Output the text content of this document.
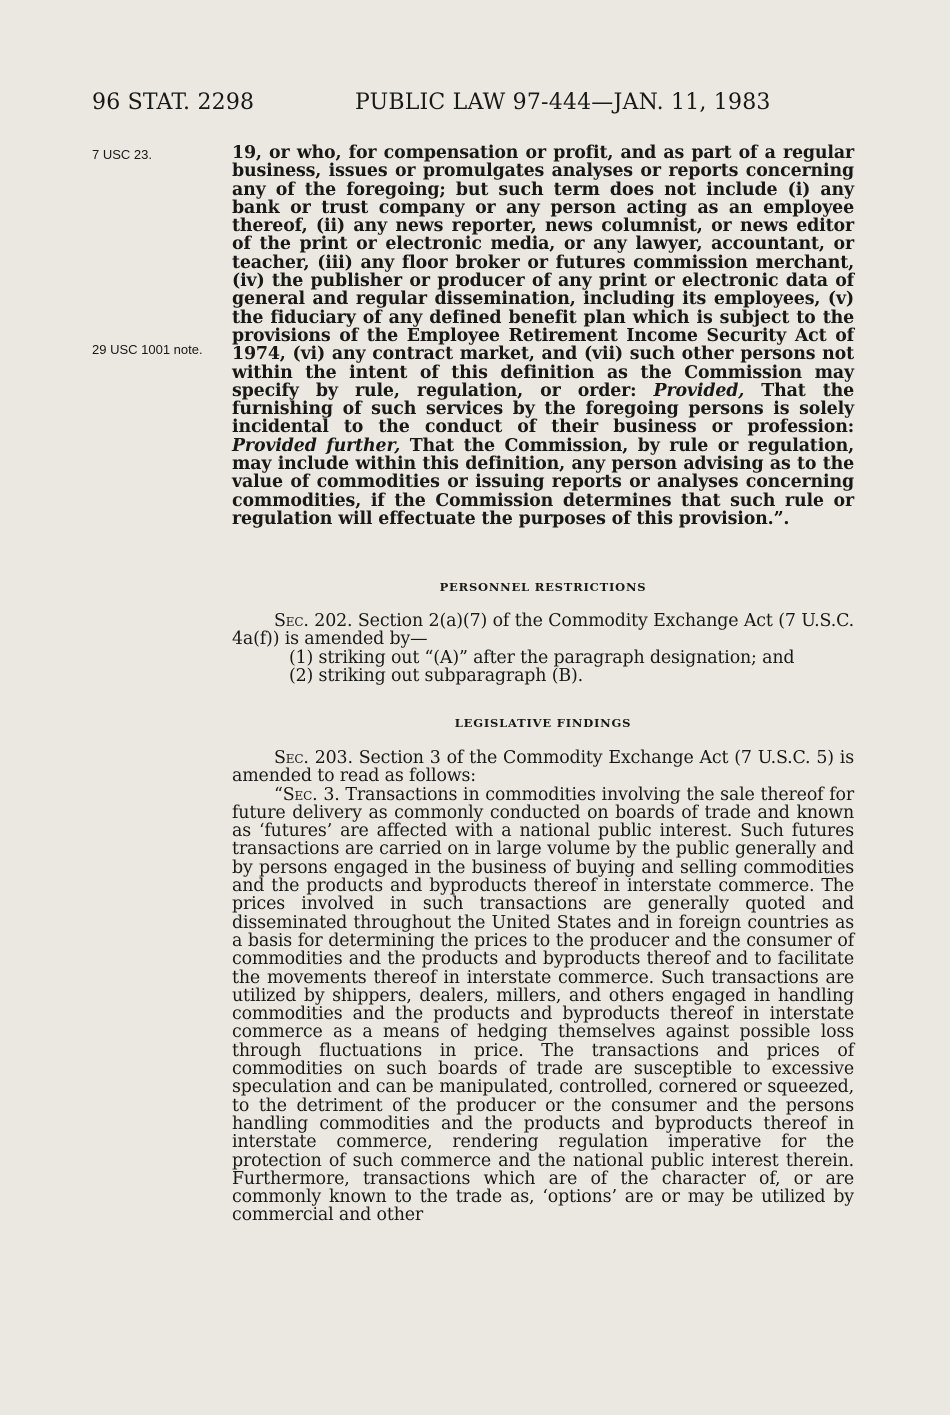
96 STAT. 2298	PUBLIC LAW 97-444—JAN. 11, 1983
7 USC 23.
29 USC 1001 note.

19, or who, for compensation or profit, and as part of a regular business, issues or promulgates analyses or reports concerning any of the foregoing; but such term does not include (i) any bank or trust company or any person acting as an employee thereof, (ii) any news reporter, news columnist, or news editor of the print or electronic media, or any lawyer, accountant, or teacher, (iii) any floor broker or futures commission merchant, (iv) the publisher or producer of any print or electronic data of general and regular dissemination, including its employees, (v) the fiduciary of any defined benefit plan which is subject to the provisions of the Employee Retirement Income Security Act of 1974, (vi) any contract market, and (vii) such other persons not within the intent of this definition as the Commission may specify by rule, regulation, or order: Provided, That the furnishing of such services by the foregoing persons is solely incidental to the conduct of their business or profession: Provided further, That the Commission, by rule or regulation, may include within this definition, any person advising as to the value of commodities or issuing reports or analyses concerning commodities, if the Commission determines that such rule or regulation will effectuate the purposes of this provision.”.

PERSONNEL RESTRICTIONS

Sec. 202. Section 2(a)(7) of the Commodity Exchange Act (7 U.S.C. 4a(f)) is amended by—

(1) striking out “(A)” after the paragraph designation; and

(2) striking out subparagraph (B).

LEGISLATIVE FINDINGS

Sec. 203. Section 3 of the Commodity Exchange Act (7 U.S.C. 5) is amended to read as follows:

“Sec. 3. Transactions in commodities involving the sale thereof for future delivery as commonly conducted on boards of trade and known as ‘futures’ are affected with a national public interest. Such futures transactions are carried on in large volume by the public generally and by persons engaged in the business of buying and selling commodities and the products and byproducts thereof in interstate commerce. The prices involved in such transactions are generally quoted and disseminated throughout the United States and in foreign countries as a basis for determining the prices to the producer and the consumer of commodities and the products and byproducts thereof and to facilitate the movements thereof in interstate commerce. Such transactions are utilized by shippers, dealers, millers, and others engaged in handling commodities and the products and byproducts thereof in interstate commerce as a means of hedging themselves against possible loss through fluctuations in price. The transactions and prices of commodities on such boards of trade are susceptible to excessive speculation and can be manipulated, controlled, cornered or squeezed, to the detriment of the producer or the consumer and the persons handling commodities and the products and byproducts thereof in interstate commerce, rendering regulation imperative for the protection of such commerce and the national public interest therein. Furthermore, transactions which are of the character of, or are commonly known to the trade as, ‘options’ are or may be utilized by commercial and other
